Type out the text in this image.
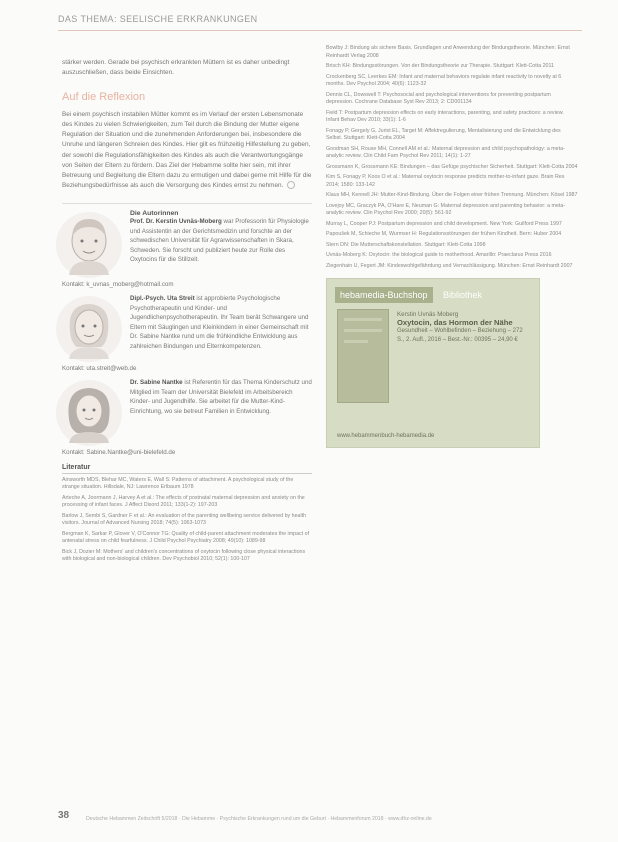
DAS THEMA: SEELISCHE ERKRANKUNGEN

stärker werden. Gerade bei psychisch erkrankten Müttern ist es daher unbedingt auszuschließen, dass beide Einsichten.

Auf die Reflexion

Bei einem psychisch instabilen Mütter kommt es im Verlauf der ersten Lebensmonate des Kindes zu vielen Schwierigkeiten, zum Teil durch die Bindung der Mutter eigene Regulation der Situation und die zunehmenden Anforderungen bei, insbesondere die Unruhe und längeren Schreien des Kindes. Hier gilt es frühzeitig Hilfestellung zu geben, der sowohl die Regulationsfähigkeiten des Kindes als auch die Verantwortungsgänge von Seiten der Eltern zu fördern. Das Ziel der Hebamme sollte hier sein, mit ihrer Betreuung und Begleitung die Eltern dazu zu ermutigen und dabei gerne mit Hilfe für die Beziehungsbedürfnisse als auch die Versorgung des Kindes ernst zu nehmen.

Die Autorinnen
Prof. Dr. Kerstin Uvnäs-Moberg war Professorin für Physiologie und Assistentin an der Gerichtsmedizin und forschte an der schwedischen Universität für Agrarwissenschaften in Skara, Schweden. Sie forscht und publiziert heute zur Rolle des Oxytocins für die Stillzeit.
Kontakt: k_uvnas_moberg@hotmail.com
Dipl.-Psych. Uta Streit ist approbierte Psychologische Psychotherapeutin und Kinder- und Jugendlichenpsychotherapeutin. Ihr Team berät Schwangere und Eltern mit Säuglingen und Kleinkindern in einer Gemeinschaft mit Dr. Sabine Nantke rund um die frühkindliche Entwicklung aus zahlreichen Bindungen und Elternkompetenzen.
Kontakt: uta.streit@web.de
Dr. Sabine Nantke ist Referentin für das Thema Kinderschutz und Mitglied im Team der Universität Bielefeld im Arbeitsbereich Kinder- und Jugendhilfe. Sie arbeitet für die Mutter-Kind-Einrichtung, wo sie betreut Familien in Entwicklung.
Kontakt: Sabine.Nantke@uni-bielefeld.de
Literatur

Ainsworth MDS, Blehar MC, Waters E, Wall S: Patterns of attachment. A psychological study of the strange situation. Hillsdale, NJ: Lawrence Erlbaum 1978

Arteche A, Joormann J, Harvey A et al.: The effects of postnatal maternal depression and anxiety on the processing of infant faces. J Affect Disord 2011; 133(1-2): 197-203

Barlow J, Sembi S, Gardner F et al.: An evaluation of the parenting wellbeing service delivered by health visitors. Journal of Advanced Nursing 2018; 74(5): 1063-1073

Bergman K, Sarkar P, Glover V, O'Connor TG: Quality of child-parent attachment moderates the impact of antenatal stress on child fearfulness. J Child Psychol Psychiatry 2008; 49(10): 1089-98

Bick J, Dozier M: Mothers' and children's concentrations of oxytocin following close physical interactions with biological and non-biological children. Dev Psychobiol 2010; 52(1): 100-107

Bowlby J: Bindung als sichere Basis. Grundlagen und Anwendung der Bindungstheorie. München: Ernst Reinhardt Verlag 2008

Brisch KH: Bindungsstörungen. Von der Bindungstheorie zur Therapie. Stuttgart: Klett-Cotta 2011

Crockenberg SC, Leerkes EM: Infant and maternal behaviors regulate infant reactivity to novelty at 6 months. Dev Psychol 2004; 40(6): 1123-32

Dennis CL, Dowswell T: Psychosocial and psychological interventions for preventing postpartum depression. Cochrane Database Syst Rev 2013; 2: CD001134

Field T: Postpartum depression effects on early interactions, parenting, and safety practices: a review. Infant Behav Dev 2010; 33(1): 1-6

Fonagy P, Gergely G, Jurist EL, Target M: Affektregulierung, Mentalisierung und die Entwicklung des Selbst. Stuttgart: Klett-Cotta 2004

Goodman SH, Rouse MH, Connell AM et al.: Maternal depression and child psychopathology: a meta-analytic review. Clin Child Fam Psychol Rev 2011; 14(1): 1-27

Grossmann K, Grossmann KE: Bindungen – das Gefüge psychischer Sicherheit. Stuttgart: Klett-Cotta 2004

Kim S, Fonagy P, Koos O et al.: Maternal oxytocin response predicts mother-to-infant gaze. Brain Res 2014; 1580: 133-142

Klaus MH, Kennell JH: Mutter-Kind-Bindung. Über die Folgen einer frühen Trennung. München: Kösel 1987

Lovejoy MC, Graczyk PA, O'Hare E, Neuman G: Maternal depression and parenting behavior: a meta-analytic review. Clin Psychol Rev 2000; 20(5): 561-92

Murray L, Cooper PJ: Postpartum depression and child development. New York: Guilford Press 1997

Papoušek M, Schieche M, Wurmser H: Regulationsstörungen der frühen Kindheit. Bern: Huber 2004

Stern DN: Die Mutterschaftskonstellation. Stuttgart: Klett-Cotta 1998

Uvnäs-Moberg K: Oxytocin: the biological guide to motherhood. Amarillo: Praeclarus Press 2016

Ziegenhain U, Fegert JM: Kindeswohlgefährdung und Vernachlässigung. München: Ernst Reinhardt 2007

hebamedia-Buchshop Bibliothek
Kerstin Uvnäs Moberg
Oxytocin, das Hormon der Nähe
Gesundheit – Wohlbefinden – Beziehung – 272 S., 2. Aufl., 2016 – Best.-Nr.: 00395 – 24,90 €
www.hebammenbuch-hebamedia.de
38	Deutsche Hebammen Zeitschrift 5/2018 · Die Hebamme · Psychische Erkrankungen rund um die Geburt · Hebammenforum 2018 · www.dhz-online.de
